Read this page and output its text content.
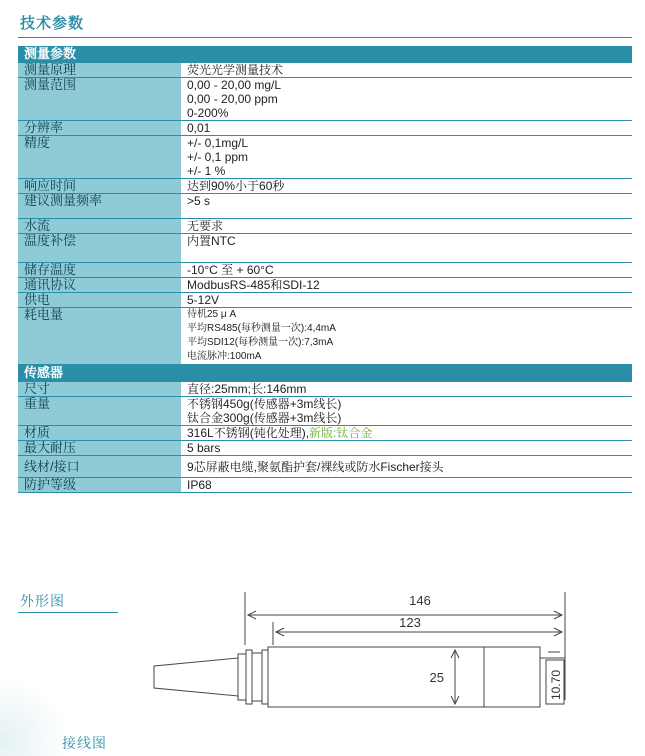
技术参数
测量参数	
测量原理	荧光光学测量技术

测量范围	0,00 - 20,00 mg/L
0,00 - 20,00 ppm
0-200%

分辨率	0,01

精度	+/- 0,1mg/L
+/- 0,1 ppm
+/- 1 %

响应时间	达到90%小于60秒

建议测量频率	>5 s

水流	无要求

温度补偿	内置NTC

储存温度	-10°C 至 + 60°C

通讯协议	ModbusRS-485和SDI-12

供电	5-12V

耗电量	待机25 μ A
平均RS485(每秒测量一次):4,4mA
平均SDI12(每秒测量一次):7,3mA
电流脉冲:100mA

传感器	
尺寸	直径:25mm;长:146mm
重量	不锈钢450g(传感器+3m线长)
钛合金300g(传感器+3m线长)

材质	316L不锈钢(钝化处理),新版:钛合金
最大耐压	5 bars
线材/接口	9芯屏蔽电缆,聚氨酯护套/裸线或防水Fischer接头
防护等级	IP68
外形图	146
123
25	10.70
接线图
